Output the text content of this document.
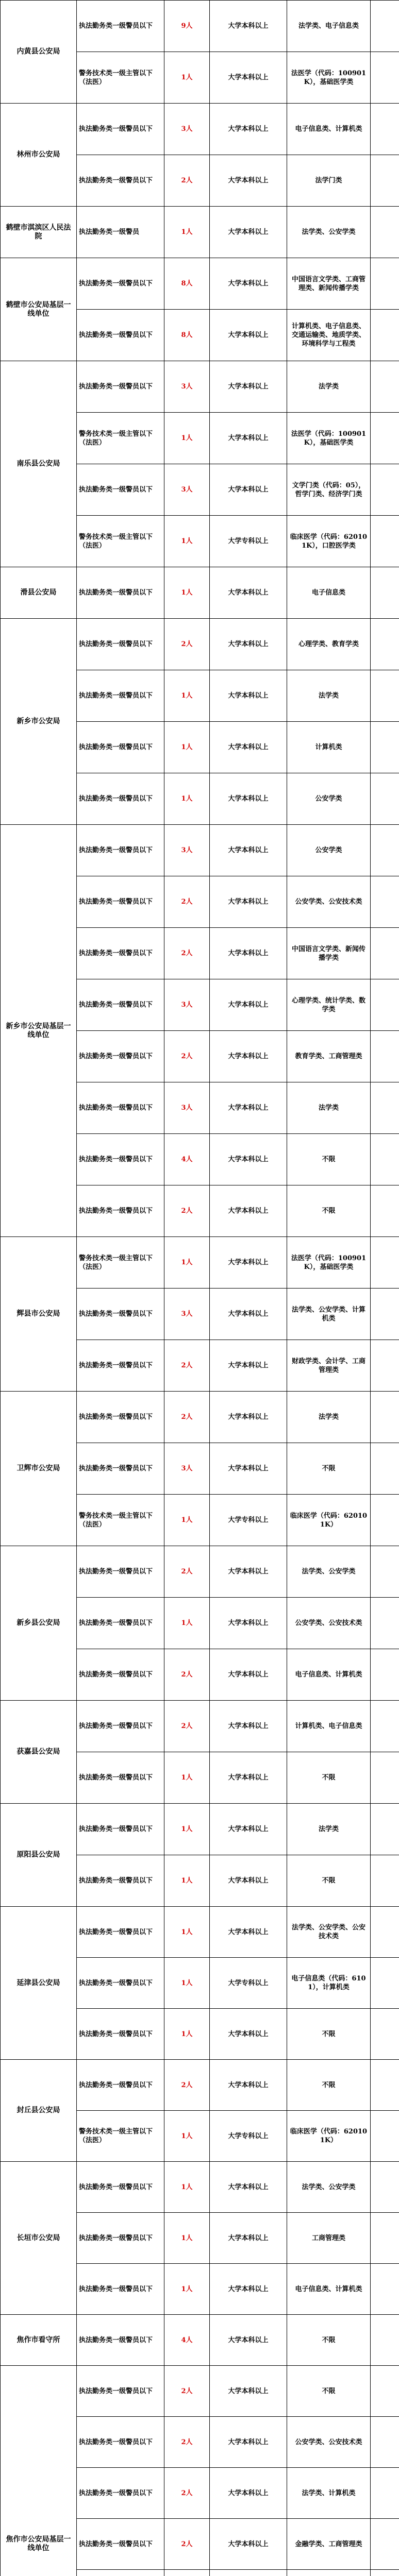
内黄县公安局	执法勤务类一级警员以下	9人	大学本科以上	法学类、电子信息类	
	警务技术类一级主管以下（法医）	1人	大学本科以上	法医学（代码：100901K），基础医学类	
林州市公安局	执法勤务类一级警员以下	3人	大学本科以上	电子信息类、计算机类	
	执法勤务类一级警员以下	2人	大学本科以上	法学门类	
鹤壁市淇滨区人民法院	执法勤务类一级警员	1人	大学本科以上	法学类、公安学类	
鹤壁市公安局基层一线单位	执法勤务类一级警员以下	8人	大学本科以上	中国语言文学类、工商管理类、新闻传播学类	
	执法勤务类一级警员以下	8人	大学本科以上	计算机类、电子信息类、交通运输类、地质学类、环境科学与工程类	
南乐县公安局	执法勤务类一级警员以下	3人	大学本科以上	法学类	
	警务技术类一级主管以下（法医）	1人	大学本科以上	法医学（代码：100901K），基础医学类	
	执法勤务类一级警员以下	3人	大学本科以上	文学门类（代码：05），哲学门类、经济学门类	
	警务技术类一级主管以下（法医）	1人	大学专科以上	临床医学（代码：620101K），口腔医学类	
滑县公安局	执法勤务类一级警员以下	1人	大学本科以上	电子信息类	
新乡市公安局	执法勤务类一级警员以下	2人	大学本科以上	心理学类、教育学类	
	执法勤务类一级警员以下	1人	大学本科以上	法学类	
	执法勤务类一级警员以下	1人	大学本科以上	计算机类	
	执法勤务类一级警员以下	1人	大学本科以上	公安学类	
新乡市公安局基层一线单位	执法勤务类一级警员以下	3人	大学本科以上	公安学类	
	执法勤务类一级警员以下	2人	大学本科以上	公安学类、公安技术类	
	执法勤务类一级警员以下	2人	大学本科以上	中国语言文学类、新闻传播学类	
	执法勤务类一级警员以下	3人	大学本科以上	心理学类、统计学类、数学类	
	执法勤务类一级警员以下	2人	大学本科以上	教育学类、工商管理类	
	执法勤务类一级警员以下	3人	大学本科以上	法学类	
	执法勤务类一级警员以下	4人	大学本科以上	不限	
	执法勤务类一级警员以下	2人	大学本科以上	不限	
辉县市公安局	警务技术类一级主管以下（法医）	1人	大学本科以上	法医学（代码：100901K），基础医学类	
	执法勤务类一级警员以下	3人	大学本科以上	法学类、公安学类、计算机类	
	执法勤务类一级警员以下	2人	大学本科以上	财政学类、会计学、工商管理类	
卫辉市公安局	执法勤务类一级警员以下	2人	大学本科以上	法学类	
	执法勤务类一级警员以下	3人	大学本科以上	不限	
	警务技术类一级主管以下（法医）	1人	大学专科以上	临床医学（代码：620101K）	
新乡县公安局	执法勤务类一级警员以下	2人	大学本科以上	法学类、公安学类	
	执法勤务类一级警员以下	1人	大学本科以上	公安学类、公安技术类	
	执法勤务类一级警员以下	2人	大学本科以上	电子信息类、计算机类	
获嘉县公安局	执法勤务类一级警员以下	2人	大学本科以上	计算机类、电子信息类	
	执法勤务类一级警员以下	1人	大学本科以上	不限	
原阳县公安局	执法勤务类一级警员以下	1人	大学本科以上	法学类	
	执法勤务类一级警员以下	1人	大学本科以上	不限	
延津县公安局	执法勤务类一级警员以下	1人	大学本科以上	法学类、公安学类、公安技术类	
	执法勤务类一级警员以下	1人	大学专科以上	电子信息类（代码：6101），计算机类	
	执法勤务类一级警员以下	1人	大学本科以上	不限	
封丘县公安局	执法勤务类一级警员以下	2人	大学本科以上	不限	
	警务技术类一级主管以下（法医）	1人	大学专科以上	临床医学（代码：620101K）	
长垣市公安局	执法勤务类一级警员以下	1人	大学本科以上	法学类、公安学类	
	执法勤务类一级警员以下	1人	大学本科以上	工商管理类	
	执法勤务类一级警员以下	1人	大学本科以上	电子信息类、计算机类	
焦作市看守所	执法勤务类一级警员以下	4人	大学本科以上	不限	
焦作市公安局基层一线单位	执法勤务类一级警员以下	2人	大学本科以上	不限	
	执法勤务类一级警员以下	2人	大学本科以上	公安学类、公安技术类	
	执法勤务类一级警员以下	2人	大学本科以上	法学类、计算机类	
	执法勤务类一级警员以下	2人	大学本科以上	金融学类、工商管理类	
